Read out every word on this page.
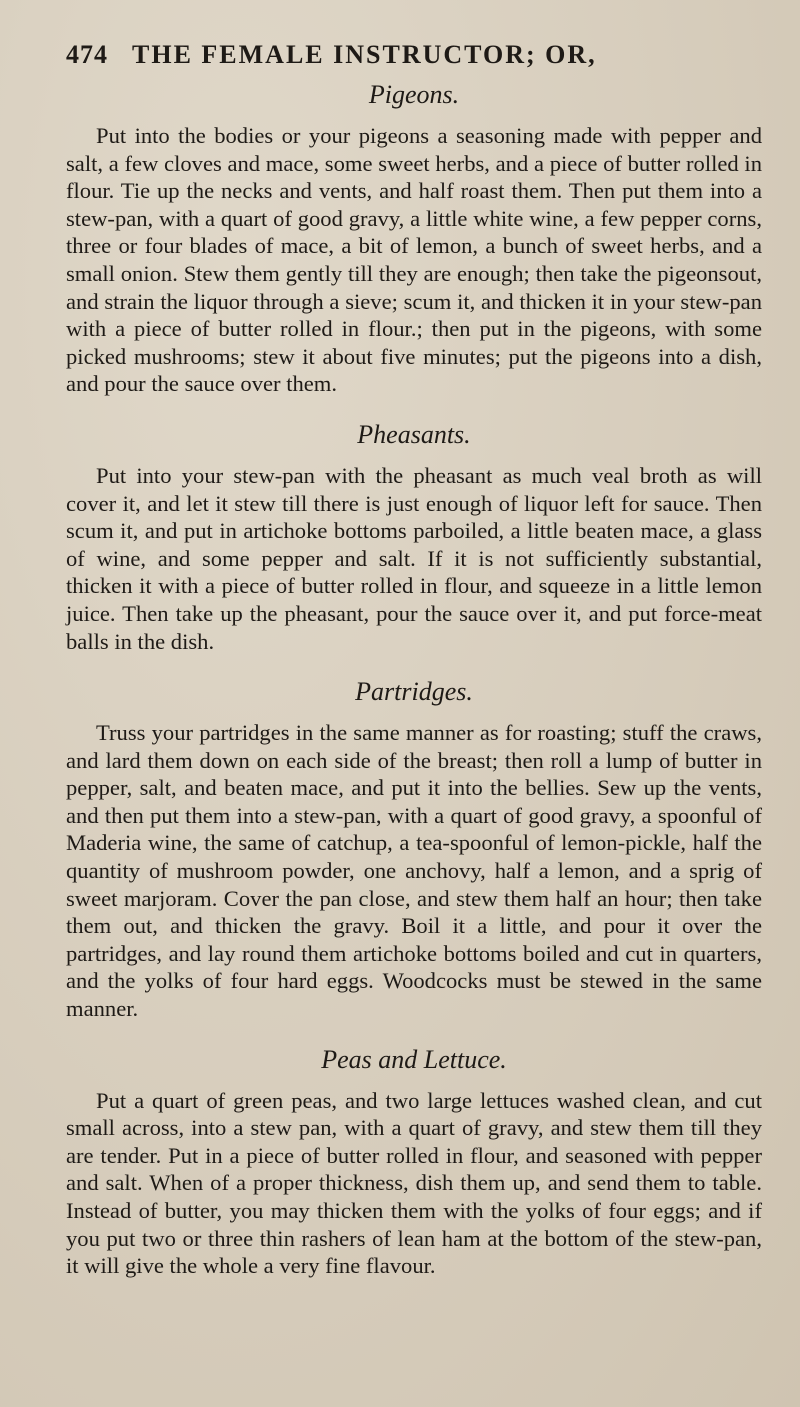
474 THE FEMALE INSTRUCTOR; OR,
Pigeons.

Put into the bodies or your pigeons a seasoning made with pepper and salt, a few cloves and mace, some sweet herbs, and a piece of butter rolled in flour. Tie up the necks and vents, and half roast them. Then put them into a stew-pan, with a quart of good gravy, a little white wine, a few pepper corns, three or four blades of mace, a bit of lemon, a bunch of sweet herbs, and a small onion. Stew them gently till they are enough; then take the pigeonsout, and strain the liquor through a sieve; scum it, and thicken it in your stew-pan with a piece of butter rolled in flour.; then put in the pigeons, with some picked mushrooms; stew it about five minutes; put the pigeons into a dish, and pour the sauce over them.

Pheasants.

Put into your stew-pan with the pheasant as much veal broth as will cover it, and let it stew till there is just enough of liquor left for sauce. Then scum it, and put in artichoke bottoms parboiled, a little beaten mace, a glass of wine, and some pepper and salt. If it is not sufficiently substantial, thicken it with a piece of butter rolled in flour, and squeeze in a little lemon juice. Then take up the pheasant, pour the sauce over it, and put force-meat balls in the dish.

Partridges.

Truss your partridges in the same manner as for roasting; stuff the craws, and lard them down on each side of the breast; then roll a lump of butter in pepper, salt, and beaten mace, and put it into the bellies. Sew up the vents, and then put them into a stew-pan, with a quart of good gravy, a spoonful of Maderia wine, the same of catchup, a tea-spoonful of lemon-pickle, half the quantity of mushroom powder, one anchovy, half a lemon, and a sprig of sweet marjoram. Cover the pan close, and stew them half an hour; then take them out, and thicken the gravy. Boil it a little, and pour it over the partridges, and lay round them artichoke bottoms boiled and cut in quarters, and the yolks of four hard eggs. Woodcocks must be stewed in the same manner.

Peas and Lettuce.

Put a quart of green peas, and two large lettuces washed clean, and cut small across, into a stew pan, with a quart of gravy, and stew them till they are tender. Put in a piece of butter rolled in flour, and seasoned with pepper and salt. When of a proper thickness, dish them up, and send them to table. Instead of butter, you may thicken them with the yolks of four eggs; and if you put two or three thin rashers of lean ham at the bottom of the stew-pan, it will give the whole a very fine flavour.
